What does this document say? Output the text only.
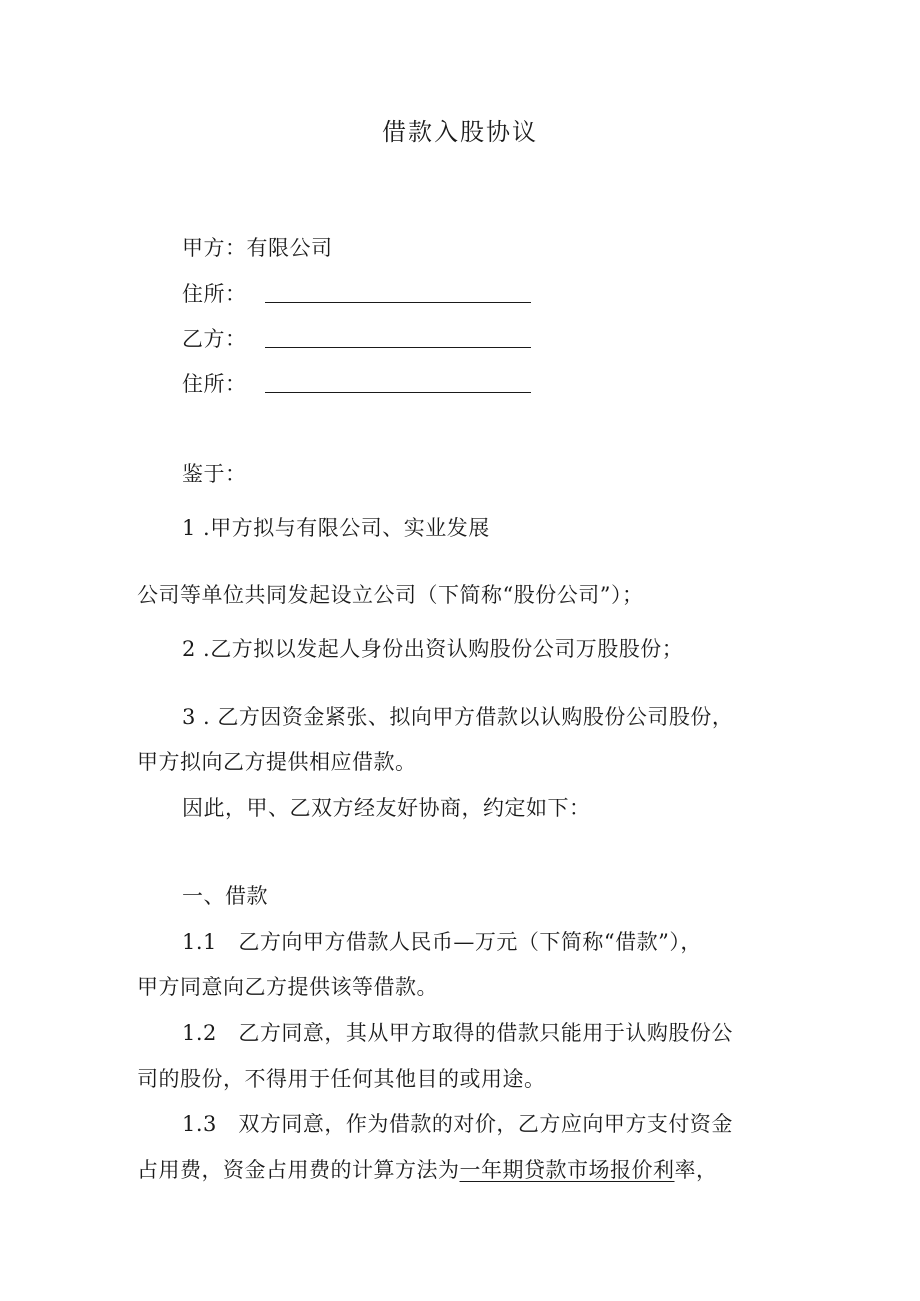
借款入股协议
甲方：有限公司
住所：
乙方：
住所：
鉴于：
1 .甲方拟与有限公司、实业发展
公司等单位共同发起设立公司（下简称“股份公司”）；
2 .乙方拟以发起人身份出资认购股份公司万股股份；
3 . 乙方因资金紧张、拟向甲方借款以认购股份公司股份，
甲方拟向乙方提供相应借款。
因此，甲、乙双方经友好协商，约定如下：
一、借款
1.1　乙方向甲方借款人民币—万元（下简称“借款”），
甲方同意向乙方提供该等借款。
1.2　乙方同意，其从甲方取得的借款只能用于认购股份公
司的股份，不得用于任何其他目的或用途。
1.3　双方同意，作为借款的对价，乙方应向甲方支付资金
占用费，资金占用费的计算方法为一年期贷款市场报价利率，
